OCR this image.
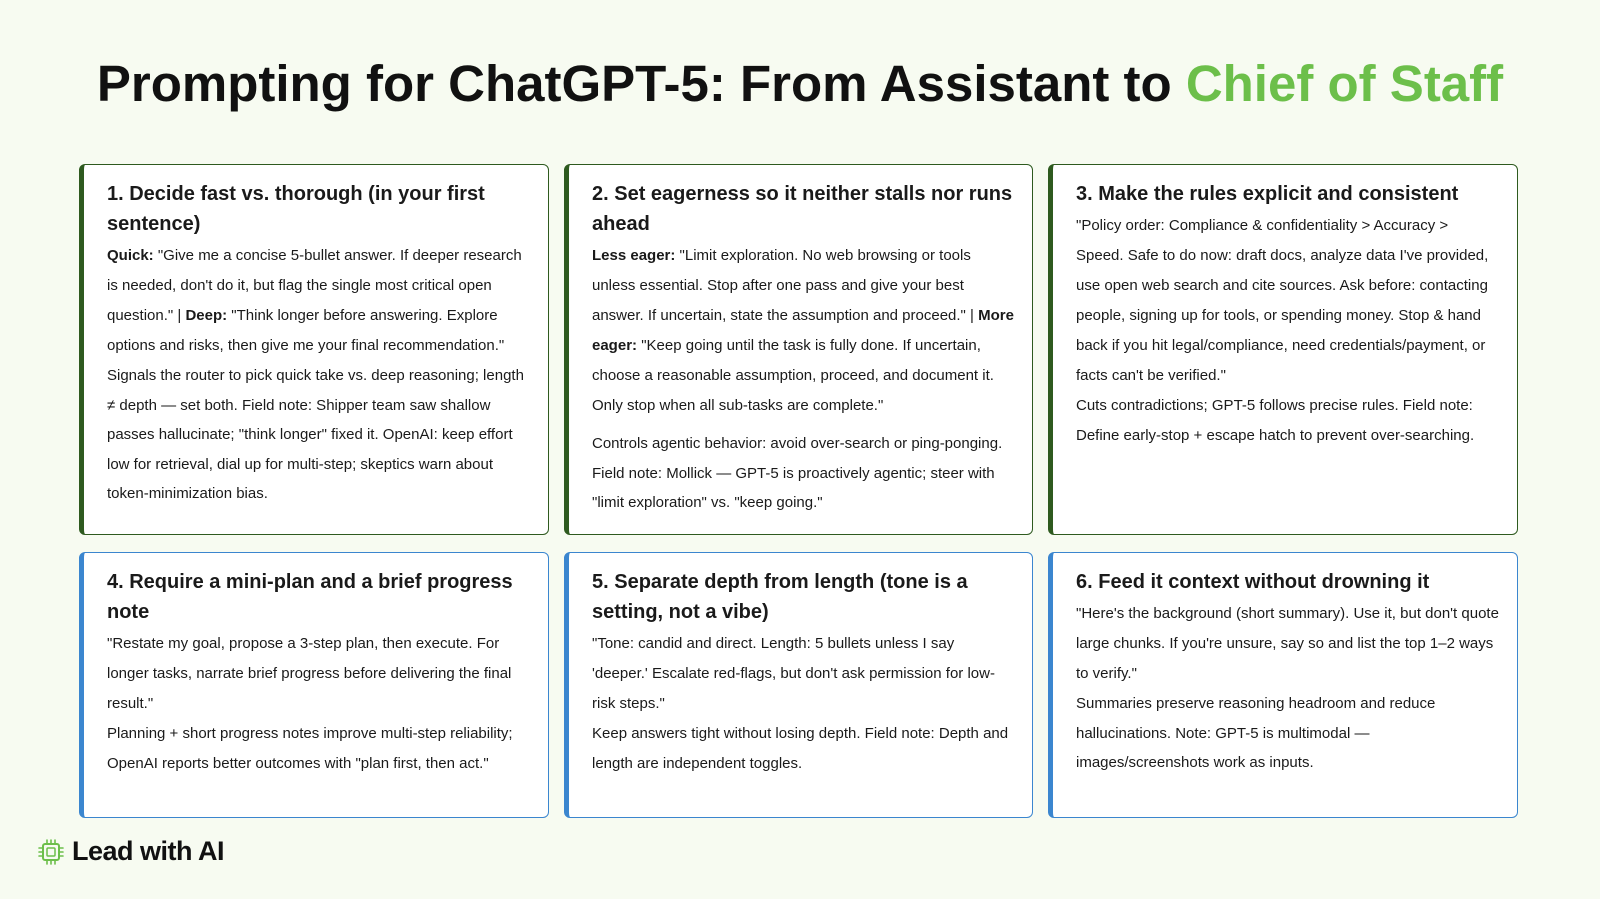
Prompting for ChatGPT-5: From Assistant to Chief of Staff
1. Decide fast vs. thorough (in your first sentence)

Quick: "Give me a concise 5-bullet answer. If deeper research is needed, don't do it, but flag the single most critical open question." | Deep: "Think longer before answering. Explore options and risks, then give me your final recommendation."

Signals the router to pick quick take vs. deep reasoning; length ≠ depth — set both. Field note: Shipper team saw shallow passes hallucinate; "think longer" fixed it. OpenAI: keep effort low for retrieval, dial up for multi-step; skeptics warn about token-minimization bias.

2. Set eagerness so it neither stalls nor runs ahead

Less eager: "Limit exploration. No web browsing or tools unless essential. Stop after one pass and give your best answer. If uncertain, state the assumption and proceed." | More eager: "Keep going until the task is fully done. If uncertain, choose a reasonable assumption, proceed, and document it. Only stop when all sub-tasks are complete."

Controls agentic behavior: avoid over-search or ping-ponging. Field note: Mollick — GPT-5 is proactively agentic; steer with "limit exploration" vs. "keep going."

3. Make the rules explicit and consistent

"Policy order: Compliance & confidentiality > Accuracy > Speed. Safe to do now: draft docs, analyze data I've provided, use open web search and cite sources. Ask before: contacting people, signing up for tools, or spending money. Stop & hand back if you hit legal/compliance, need credentials/payment, or facts can't be verified."

Cuts contradictions; GPT-5 follows precise rules. Field note: Define early-stop + escape hatch to prevent over-searching.

4. Require a mini-plan and a brief progress note

"Restate my goal, propose a 3-step plan, then execute. For longer tasks, narrate brief progress before delivering the final result."

Planning + short progress notes improve multi-step reliability; OpenAI reports better outcomes with "plan first, then act."

5. Separate depth from length (tone is a setting, not a vibe)

"Tone: candid and direct. Length: 5 bullets unless I say 'deeper.' Escalate red-flags, but don't ask permission for low-risk steps."

Keep answers tight without losing depth. Field note: Depth and length are independent toggles.

6. Feed it context without drowning it

"Here's the background (short summary). Use it, but don't quote large chunks. If you're unsure, say so and list the top 1–2 ways to verify."

Summaries preserve reasoning headroom and reduce hallucinations. Note: GPT-5 is multimodal — images/screenshots work as inputs.

Lead with AI
